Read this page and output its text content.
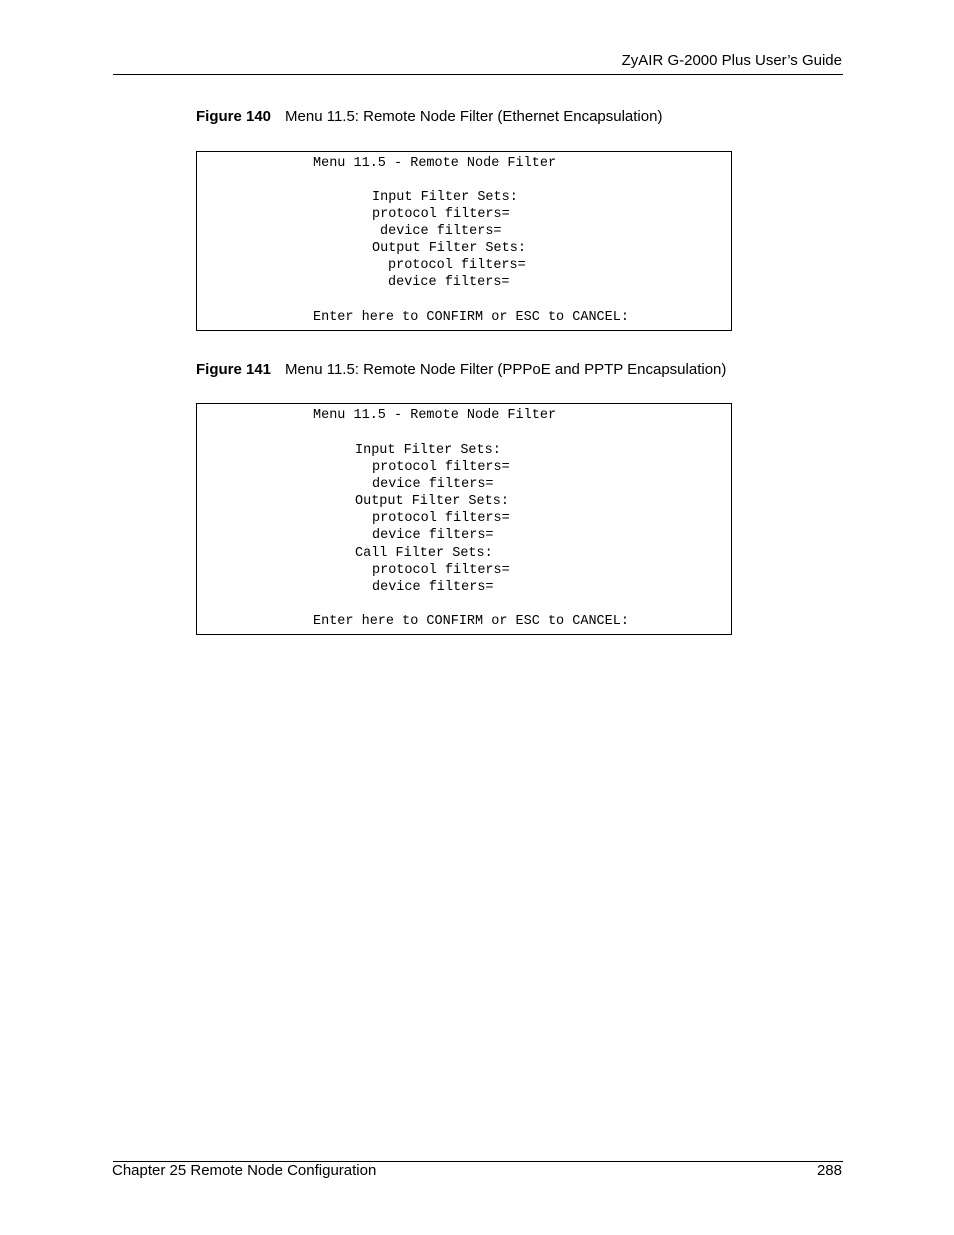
ZyAIR G-2000 Plus User’s Guide
Figure 140 Menu 11.5: Remote Node Filter (Ethernet Encapsulation)
Menu 11.5 - Remote Node Filter
Input Filter Sets:
protocol filters=
device filters=
Output Filter Sets:
protocol filters=
device filters=
Enter here to CONFIRM or ESC to CANCEL:
Figure 141 Menu 11.5: Remote Node Filter (PPPoE and PPTP Encapsulation)
Menu 11.5 - Remote Node Filter
Input Filter Sets:
protocol filters=
device filters=
Output Filter Sets:
protocol filters=
device filters=
Call Filter Sets:
protocol filters=
device filters=
Enter here to CONFIRM or ESC to CANCEL:
Chapter 25 Remote Node Configuration	288
